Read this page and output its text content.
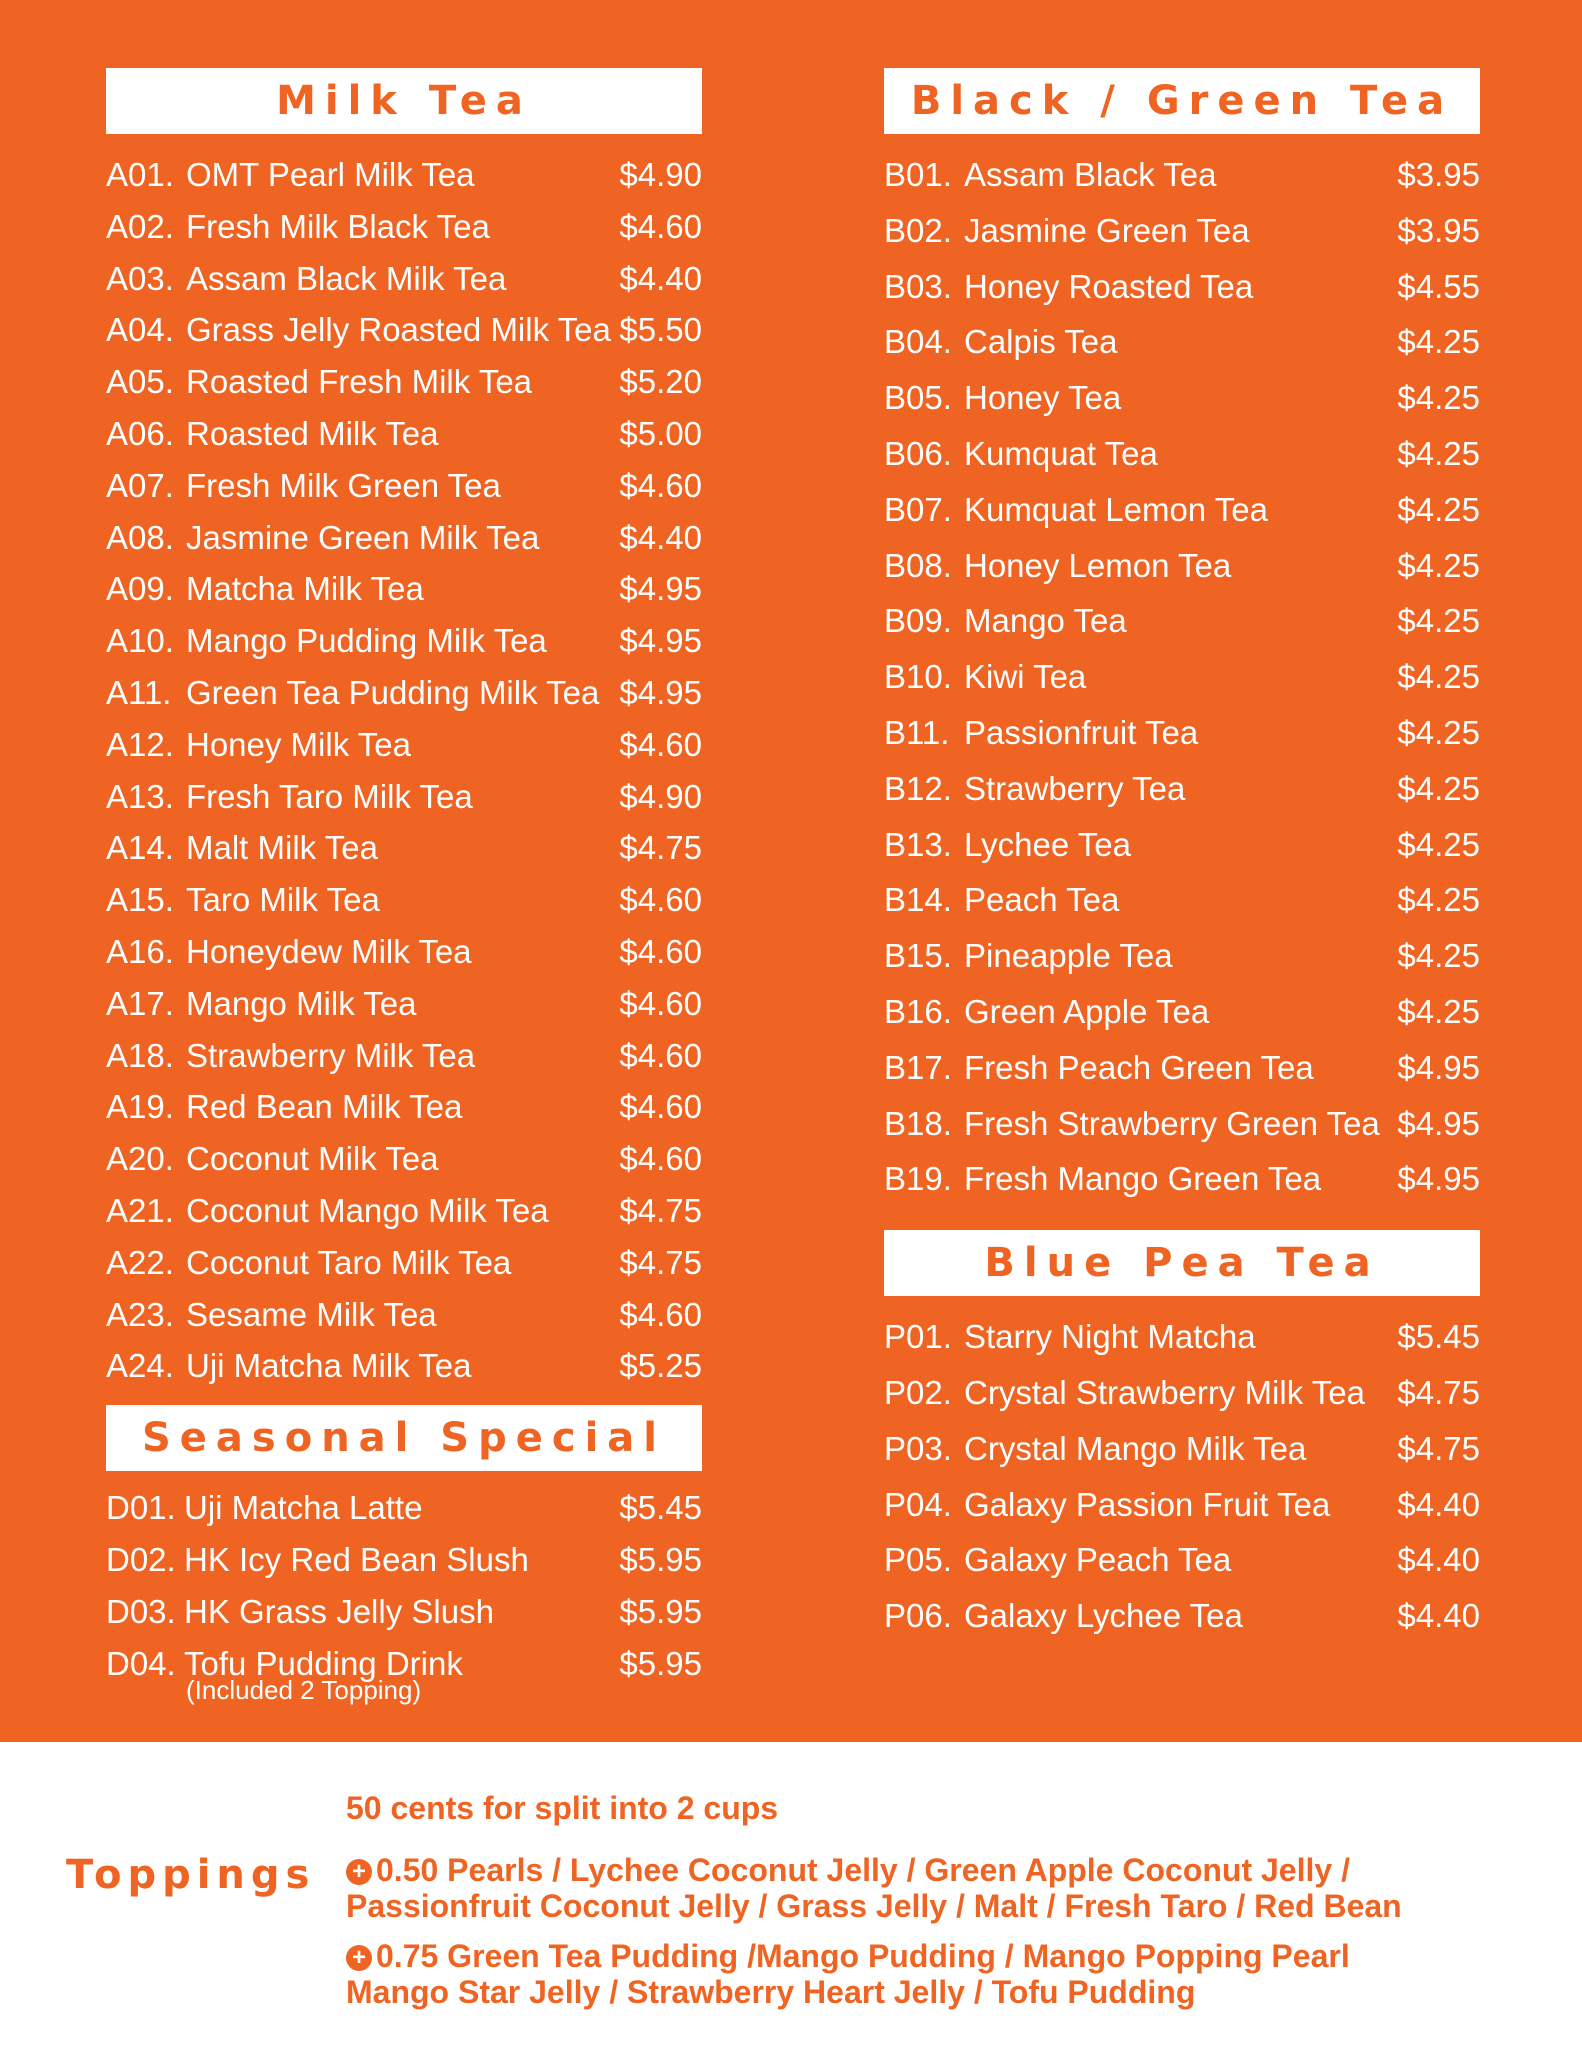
Milk Tea
A01. OMT Pearl Milk Tea	$4.90
A02. Fresh Milk Black Tea	$4.60
A03. Assam Black Milk Tea	$4.40
A04. Grass Jelly Roasted Milk Tea $5.50
A05. Roasted Fresh Milk Tea	$5.20
A06. Roasted Milk Tea	$5.00
A07. Fresh Milk Green Tea	$4.60
A08. Jasmine Green Milk Tea $4.40
A09. Matcha Milk Tea	$4.95
A10. Mango Pudding Milk Tea $4.95
A11. Green Tea Pudding Milk Tea $4.95
A12. Honey Milk Tea	$4.60
A13. Fresh Taro Milk Tea	$4.90
A14. Malt Milk Tea	$4.75
A15. Taro Milk Tea	$4.60
A16. Honeydew Milk Tea	$4.60
A17. Mango Milk Tea	$4.60
A18. Strawberry Milk Tea	$4.60
A19. Red Bean Milk Tea	$4.60
A20. Coconut Milk Tea	$4.60
A21. Coconut Mango Milk Tea $4.75
A22. Coconut Taro Milk Tea	$4.75
A23. Sesame Milk Tea	$4.60
A24. Uji Matcha Milk Tea	$5.25
Seasonal Special
D01. Uji Matcha Latte	$5.45
D02. HK Icy Red Bean Slush	$5.95
D03. HK Grass Jelly Slush	$5.95
D04. Tofu Pudding Drink	$5.95
(Included 2 Topping)
Black / Green Tea
B01. Assam Black Tea	$3.95
B02. Jasmine Green Tea	$3.95
B03. Honey Roasted Tea	$4.55
B04. Calpis Tea	$4.25
B05. Honey Tea	$4.25
B06. Kumquat Tea	$4.25
B07. Kumquat Lemon Tea	$4.25
B08. Honey Lemon Tea	$4.25
B09. Mango Tea	$4.25
B10. Kiwi Tea	$4.25
B11. Passionfruit Tea	$4.25
B12. Strawberry Tea	$4.25
B13. Lychee Tea	$4.25
B14. Peach Tea	$4.25
B15. Pineapple Tea	$4.25
B16. Green Apple Tea	$4.25
B17. Fresh Peach Green Tea	$4.95
B18. Fresh Strawberry Green Tea $4.95
B19. Fresh Mango Green Tea $4.95
Blue Pea Tea
P01. Starry Night Matcha	$5.45
P02. Crystal Strawberry Milk Tea $4.75
P03. Crystal Mango Milk Tea	$4.75
P04. Galaxy Passion Fruit Tea $4.40
P05. Galaxy Peach Tea	$4.40
P06. Galaxy Lychee Tea	$4.40
Toppings
50 cents for split into 2 cups
+ 0.50 Pearls / Lychee Coconut Jelly / Green Apple Coconut Jelly /
Passionfruit Coconut Jelly / Grass Jelly / Malt / Fresh Taro / Red Bean
+ 0.75 Green Tea Pudding /Mango Pudding / Mango Popping Pearl
Mango Star Jelly / Strawberry Heart Jelly / Tofu Pudding
